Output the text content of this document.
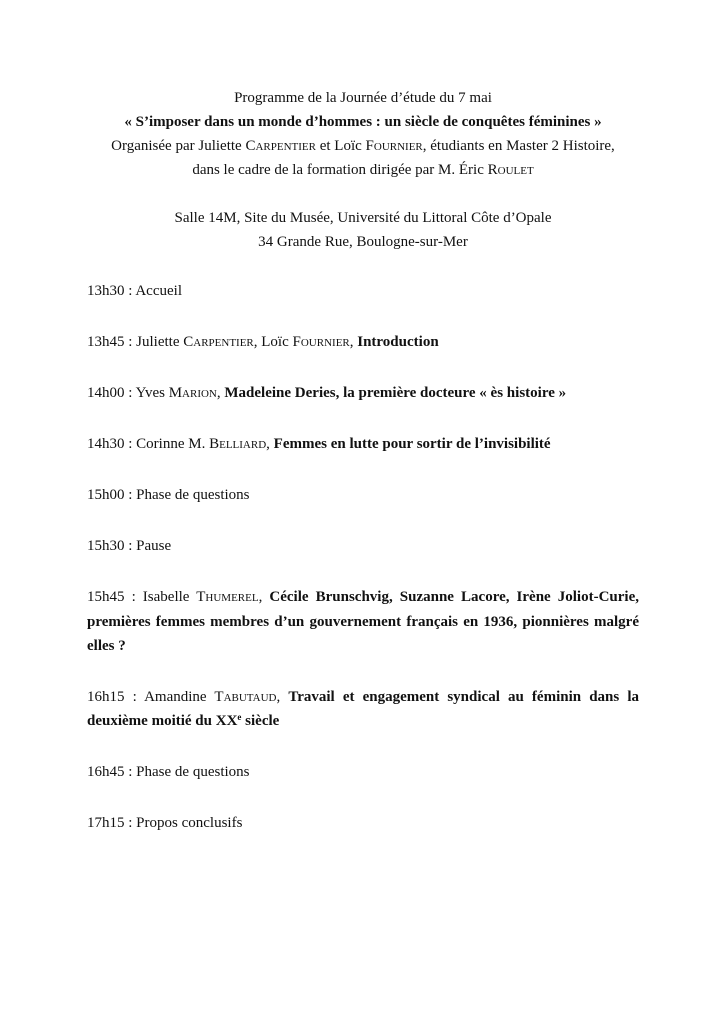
Programme de la Journée d’étude du 7 mai
« S’imposer dans un monde d’hommes : un siècle de conquêtes féminines »
Organisée par Juliette Carpentier et Loïc Fournier, étudiants en Master 2 Histoire,
dans le cadre de la formation dirigée par M. Éric Roulet
Salle 14M, Site du Musée, Université du Littoral Côte d’Opale
34 Grande Rue, Boulogne-sur-Mer
13h30 : Accueil
13h45 : Juliette Carpentier, Loïc Fournier, Introduction
14h00 : Yves Marion, Madeleine Deries, la première docteure « ès histoire »
14h30 : Corinne M. Belliard, Femmes en lutte pour sortir de l’invisibilité
15h00 : Phase de questions
15h30 : Pause
15h45 : Isabelle Thumerel, Cécile Brunschvig, Suzanne Lacore, Irène Joliot-Curie, premières femmes membres d’un gouvernement français en 1936, pionnières malgré elles ?
16h15 : Amandine Tabutaud, Travail et engagement syndical au féminin dans la deuxième moitié du XXe siècle
16h45 : Phase de questions
17h15 : Propos conclusifs
